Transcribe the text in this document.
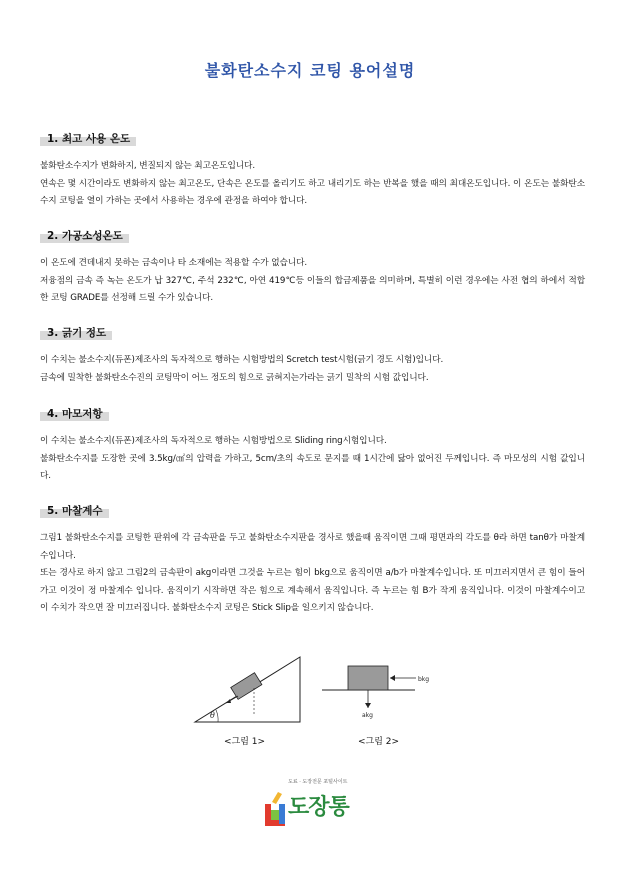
불화탄소수지 코팅 용어설명
1. 최고 사용 온도

불화탄소수지가 변화하지, 변질되지 않는 최고온도입니다.

연속은 몇 시간이라도 변화하지 않는 최고온도, 단속은 온도를 올리기도 하고 내리기도 하는 반복을 했을 때의 최대온도입니다. 이 온도는 불화탄소수지 코팅을 열이 가하는 곳에서 사용하는 경우에 관정을 하여야 합니다.

2. 가공소성온도

이 온도에 견데내지 못하는 금속이나 타 소재에는 적용할 수가 없습니다.

저융점의 금속 즉 녹는 온도가 납 327℃, 주석 232℃, 아연 419℃등 이들의 합금제품을 의미하며, 특별히 이런 경우에는 사전 협의 하에서 적합한 코팅 GRADE를 선정해 드릴 수가 있습니다.

3. 긁기 정도

이 수치는 불소수지(듀폰)제조사의 독자적으로 행하는 시험방법의 Scretch test시험(긁기 경도 시험)입니다.

금속에 밀착한 불화탄소수진의 코팅막이 어느 정도의 힘으로 긁혀지는가라는 긁기 밀착의 시험 값입니다.

4. 마모저항

이 수치는 불소수지(듀폰)제조사의 독자적으로 행하는 시험방법으로 Sliding ring시험입니다.

불화탄소수지를 도장한 곳에 3.5kg/㎠의 압력을 가하고, 5cm/초의 속도로 문지를 때 1시간에 닳아 없어진 두께입니다. 즉 마모성의 시험 값입니다.

5. 마찰계수

그림1 불화탄소수지를 코팅한 판위에 각 금속판을 두고 불화탄소수지판을 경사로 했을때 움직이면 그때 평면과의 각도를 θ라 하면 tanθ가 마찰계수입니다.

또는 경사로 하지 않고 그림2의 금속판이 akg이라면 그것을 누르는 힘이 bkg으로 움직이면 a/b가 마찰계수입니다. 또 미끄러지면서 큰 힘이 들어가고 이것이 정 마찰계수 입니다. 움직이기 시작하면 작은 힘으로 계속해서 움직입니다. 즉 누르는 힘 B가 작게 움직입니다. 이것이 마찰계수이고 이 수치가 작으면 잘 미끄러집니다. 불화탄소수지 코팅은 Stick Slip을 일으키지 않습니다.

θ
<그림 1>
bkg
akg
<그림 2>
도료 · 도장전문 포털사이트
도장통
